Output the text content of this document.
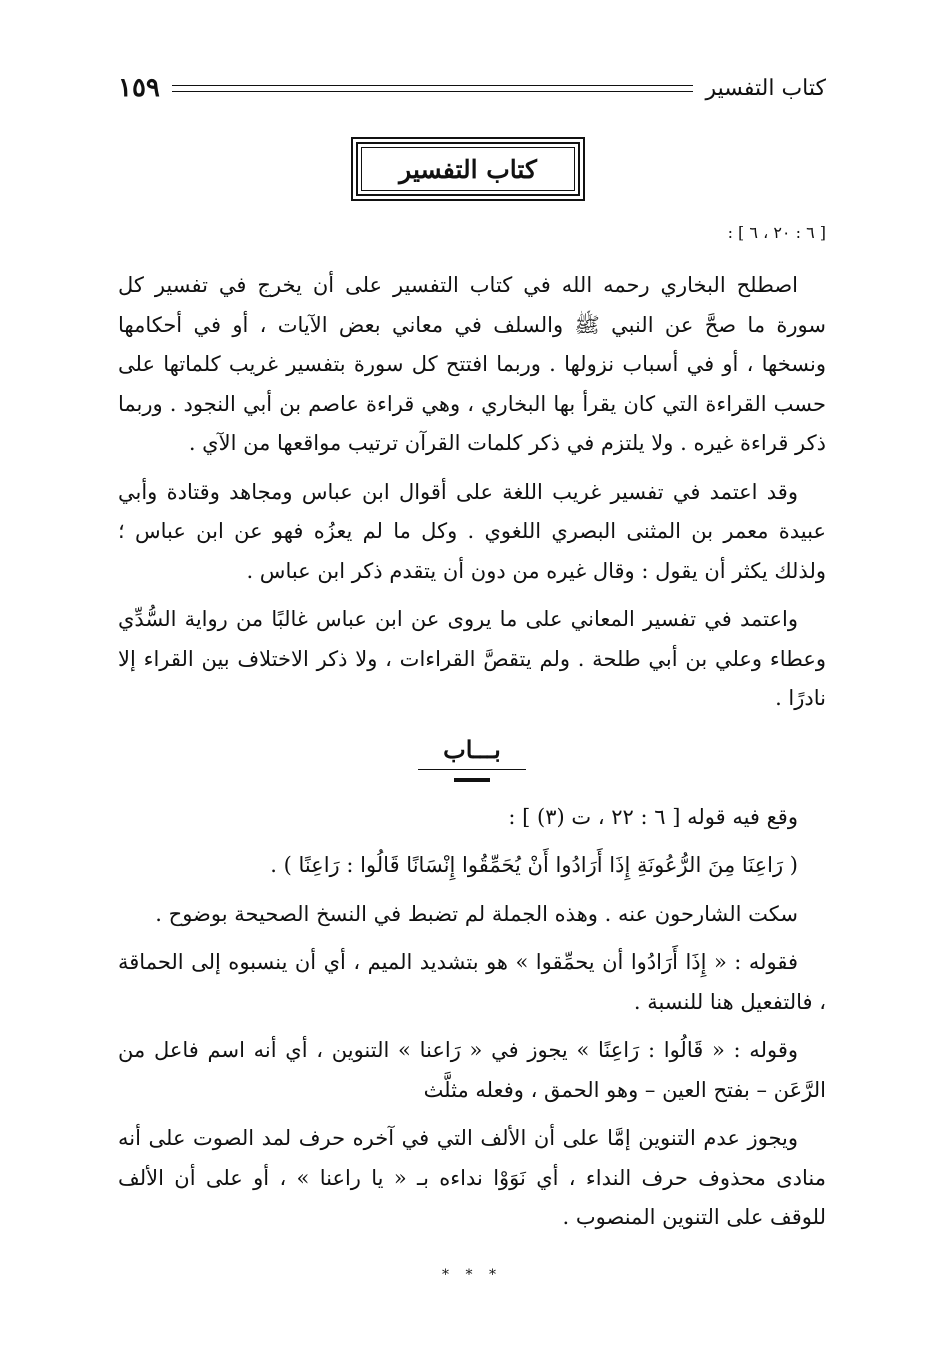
كتاب التفسير
١٥٩
كتاب التفسير
[ ٦ : ٢٠ ، ٦ ] :

اصطلح البخاري رحمه الله في كتاب التفسير على أن يخرج في تفسير كل سورة ما صحَّ عن النبي ﷺ والسلف في معاني بعض الآيات ، أو في أحكامها ونسخها ، أو في أسباب نزولها . وربما افتتح كل سورة بتفسير غريب كلماتها على حسب القراءة التي كان يقرأ بها البخاري ، وهي قراءة عاصم بن أبي النجود . وربما ذكر قراءة غيره . ولا يلتزم في ذكر كلمات القرآن ترتيب مواقعها من الآي .

وقد اعتمد في تفسير غريب اللغة على أقوال ابن عباس ومجاهد وقتادة وأبي عبيدة معمر بن المثنى البصري اللغوي . وكل ما لم يعزُه فهو عن ابن عباس ؛ ولذلك يكثر أن يقول : وقال غيره من دون أن يتقدم ذكر ابن عباس .

واعتمد في تفسير المعاني على ما يروى عن ابن عباس غالبًا من رواية السُّدِّي وعطاء وعلي بن أبي طلحة . ولم يتقصَّ القراءات ، ولا ذكر الاختلاف بين القراء إلا نادرًا .

بـــاب

وقع فيه قوله [ ٦ : ٢٢ ، ت (٣) ] :

( رَاعِنَا مِنَ الرُّعُونَةِ إِذَا أَرَادُوا أَنْ يُحَمِّقُوا إِنْسَانًا قَالُوا : رَاعِنًا ) .

سكت الشارحون عنه . وهذه الجملة لم تضبط في النسخ الصحيحة بوضوح .

فقوله : « إِذَا أَرَادُوا أن يحمِّقوا » هو بتشديد الميم ، أي أن ينسبوه إلى الحماقة ، فالتفعيل هنا للنسبة .

وقوله : « قَالُوا : رَاعِنًا » يجوز في « رَاعنا » التنوين ، أي أنه اسم فاعل من الرَّعَن – بفتح العين – وهو الحمق ، وفعله مثلَّث

ويجوز عدم التنوين إمَّا على أن الألف التي في آخره حرف لمد الصوت على أنه منادى محذوف حرف النداء ، أي نَوَوْا نداءه بـ « يا راعنا » ، أو على أن الألف للوقف على التنوين المنصوب .

* * *
